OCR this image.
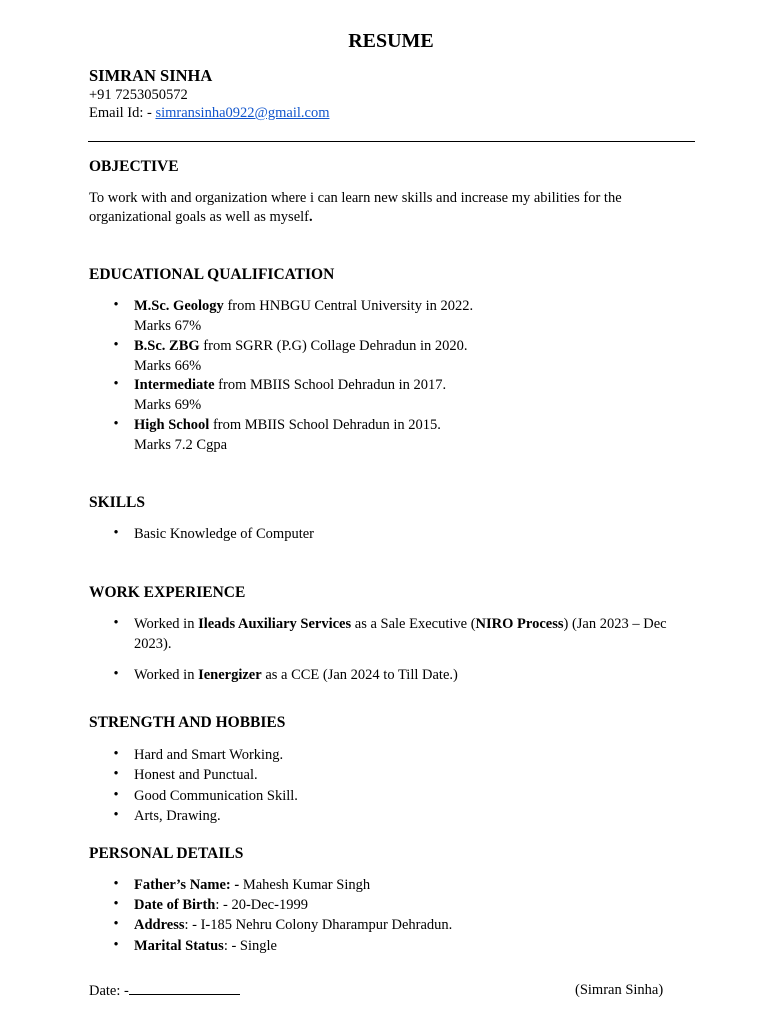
RESUME
SIMRAN SINHA
+91 7253050572
Email Id: - simransinha0922@gmail.com
OBJECTIVE
To work with and organization where i can learn new skills and increase my abilities for the organizational goals as well as myself.
EDUCATIONAL QUALIFICATION
•
M.Sc. Geology from HNBGU Central University in 2022.
Marks 67%
•
B.Sc. ZBG from SGRR (P.G) Collage Dehradun in 2020.
Marks 66%
•
Intermediate from MBIIS School Dehradun in 2017.
Marks 69%
•
High School from MBIIS School Dehradun in 2015.
Marks 7.2 Cgpa
SKILLS
•
Basic Knowledge of Computer
WORK EXPERIENCE
•
Worked in Ileads Auxiliary Services as a Sale Executive (NIRO Process) (Jan 2023 – Dec 2023).
•
Worked in Ienergizer as a CCE (Jan 2024 to Till Date.)
STRENGTH AND HOBBIES
•
Hard and Smart Working.
•
Honest and Punctual.
•
Good Communication Skill.
•
Arts, Drawing.
PERSONAL DETAILS
•
Father’s Name: - Mahesh Kumar Singh
•
Date of Birth: - 20-Dec-1999
•
Address: - I-185 Nehru Colony Dharampur Dehradun.
•
Marital Status: - Single
Date: -	(Simran Sinha)
